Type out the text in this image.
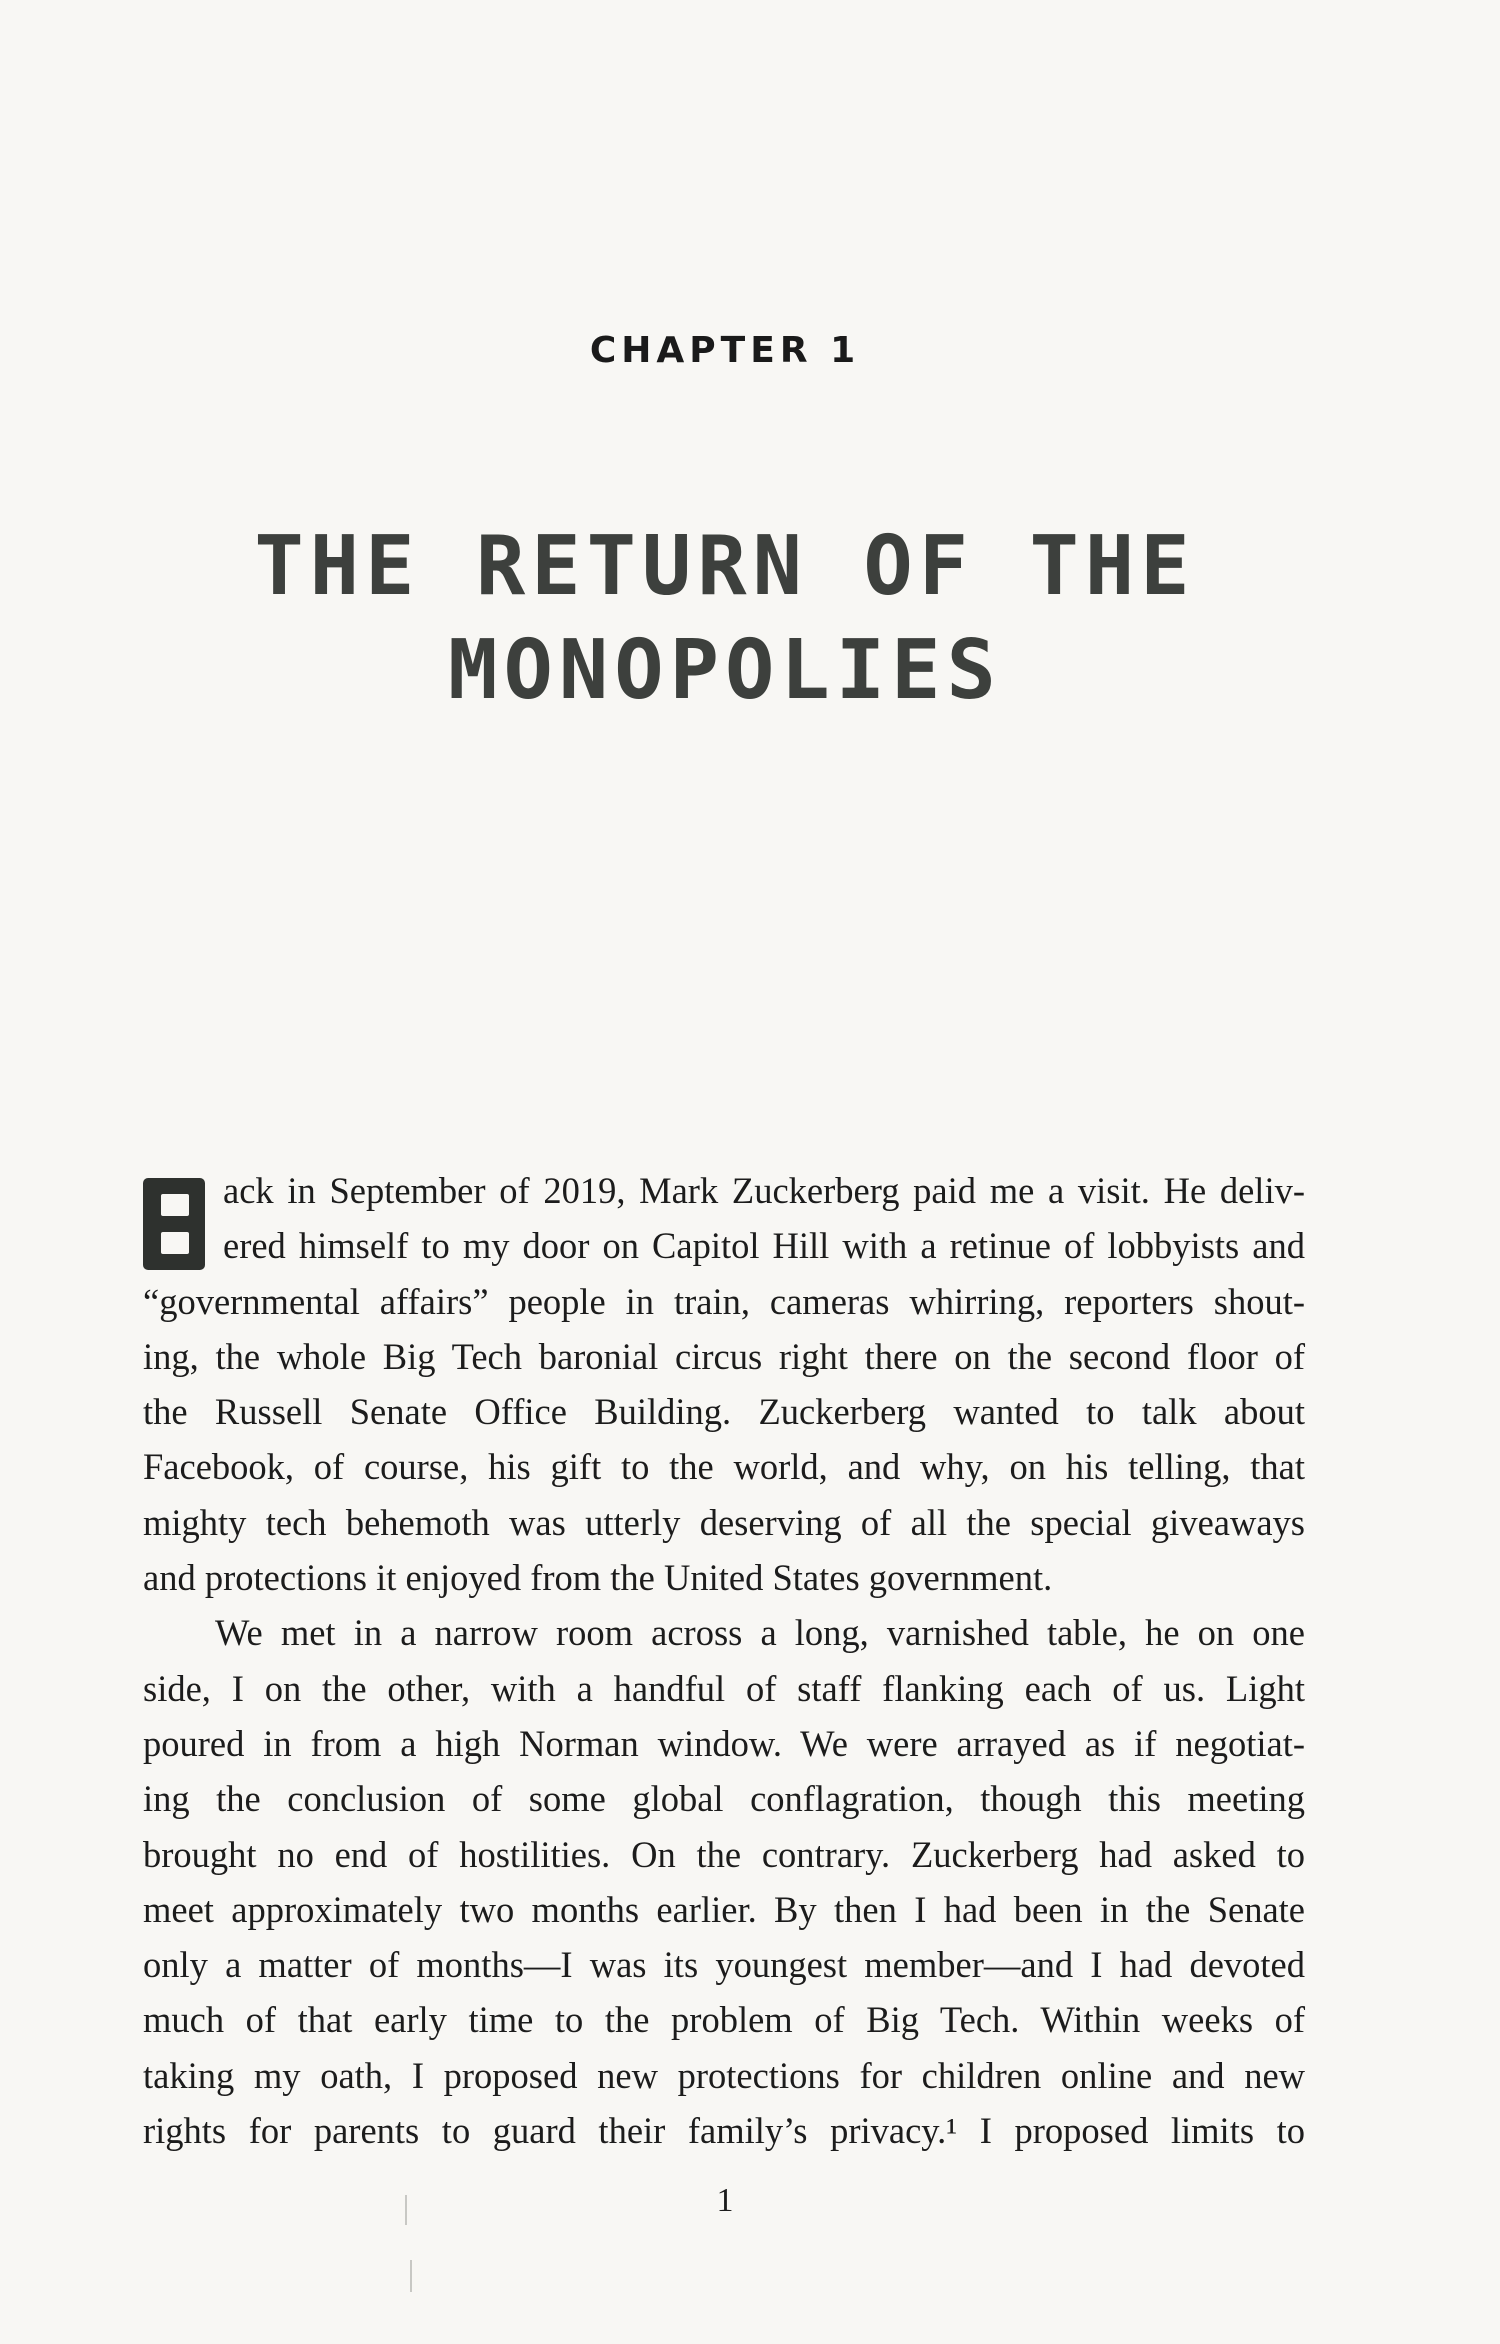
CHAPTER 1
THE RETURN OF THE
MONOPOLIES
ack in September of 2019, Mark Zuckerberg paid me a visit. He deliv-
ered himself to my door on Capitol Hill with a retinue of lobbyists and
“governmental affairs” people in train, cameras whirring, reporters shout-
ing, the whole Big Tech baronial circus right there on the second floor of
the Russell Senate Office Building. Zuckerberg wanted to talk about
Facebook, of course, his gift to the world, and why, on his telling, that
mighty tech behemoth was utterly deserving of all the special giveaways
and protections it enjoyed from the United States government.
We met in a narrow room across a long, varnished table, he on one
side, I on the other, with a handful of staff flanking each of us. Light
poured in from a high Norman window. We were arrayed as if negotiat-
ing the conclusion of some global conflagration, though this meeting
brought no end of hostilities. On the contrary. Zuckerberg had asked to
meet approximately two months earlier. By then I had been in the Senate
only a matter of months—I was its youngest member—and I had devoted
much of that early time to the problem of Big Tech. Within weeks of
taking my oath, I proposed new protections for children online and new
rights for parents to guard their family’s privacy.¹ I proposed limits to
1
